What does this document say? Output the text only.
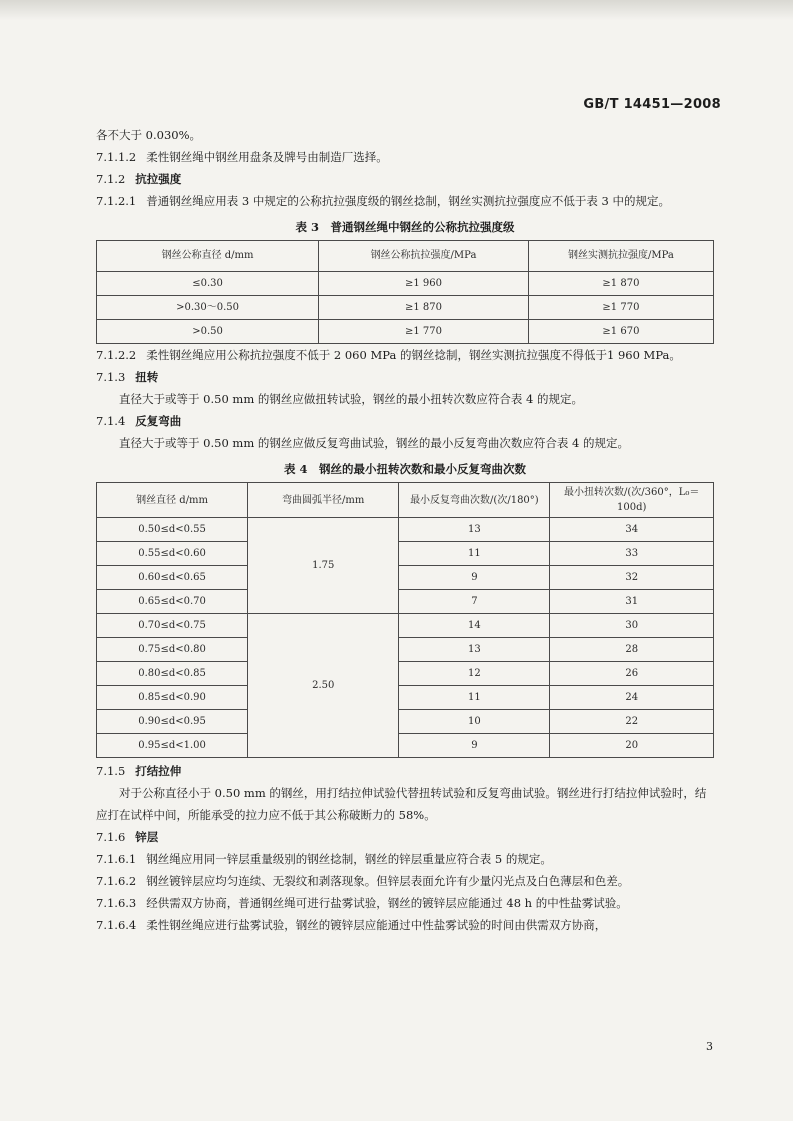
GB/T 14451—2008

各不大于 0.030%。

7.1.1.2 柔性钢丝绳中钢丝用盘条及牌号由制造厂选择。

7.1.2 抗拉强度

7.1.2.1 普通钢丝绳应用表 3 中规定的公称抗拉强度级的钢丝捻制，钢丝实测抗拉强度应不低于表 3 中的规定。

表 3　普通钢丝绳中钢丝的公称抗拉强度级
钢丝公称直径 d/mm	钢丝公称抗拉强度/MPa	钢丝实测抗拉强度/MPa
≤0.30	≥1 960	≥1 870
>0.30～0.50	≥1 870	≥1 770
>0.50	≥1 770	≥1 670

7.1.2.2 柔性钢丝绳应用公称抗拉强度不低于 2 060 MPa 的钢丝捻制，钢丝实测抗拉强度不得低于1 960 MPa。

7.1.3 扭转

直径大于或等于 0.50 mm 的钢丝应做扭转试验，钢丝的最小扭转次数应符合表 4 的规定。

7.1.4 反复弯曲

直径大于或等于 0.50 mm 的钢丝应做反复弯曲试验，钢丝的最小反复弯曲次数应符合表 4 的规定。

表 4　钢丝的最小扭转次数和最小反复弯曲次数
钢丝直径 d/mm	弯曲圆弧半径/mm	最小反复弯曲次数/(次/180°)	最小扭转次数/(次/360°，L₀＝100d)
0.50≤d<0.55	1.75	13	34
0.55≤d<0.60		11	33
0.60≤d<0.65		9	32
0.65≤d<0.70		7	31
0.70≤d<0.75	2.50	14	30
0.75≤d<0.80		13	28
0.80≤d<0.85		12	26
0.85≤d<0.90		11	24
0.90≤d<0.95		10	22
0.95≤d<1.00		9	20

7.1.5 打结拉伸

对于公称直径小于 0.50 mm 的钢丝，用打结拉伸试验代替扭转试验和反复弯曲试验。钢丝进行打结拉伸试验时，结应打在试样中间，所能承受的拉力应不低于其公称破断力的 58%。

7.1.6 锌层

7.1.6.1 钢丝绳应用同一锌层重量级别的钢丝捻制，钢丝的锌层重量应符合表 5 的规定。

7.1.6.2 钢丝镀锌层应均匀连续、无裂纹和剥落现象。但锌层表面允许有少量闪光点及白色薄层和色差。

7.1.6.3 经供需双方协商，普通钢丝绳可进行盐雾试验，钢丝的镀锌层应能通过 48 h 的中性盐雾试验。

7.1.6.4 柔性钢丝绳应进行盐雾试验，钢丝的镀锌层应能通过中性盐雾试验的时间由供需双方协商，

3
